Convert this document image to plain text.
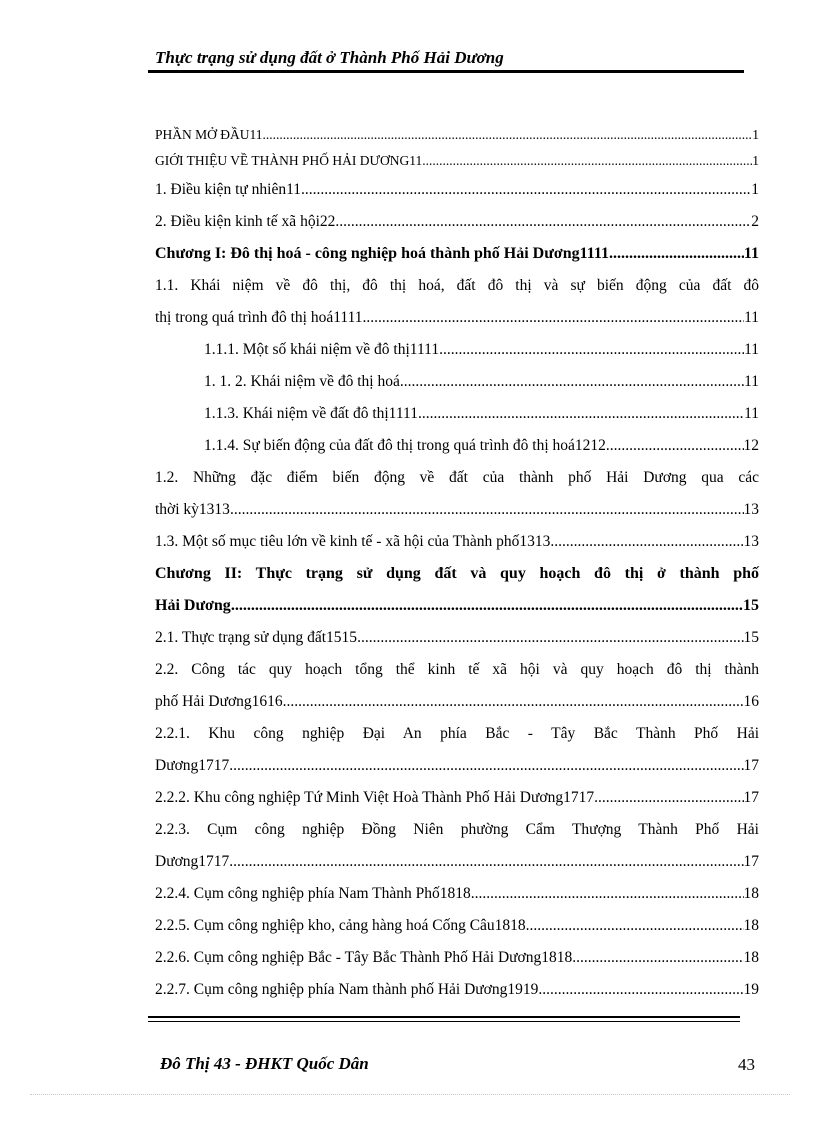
Thực trạng sử dụng đất ở Thành Phố Hải Dương
PHẦN MỞ ĐẦU11 .....	1
GIỚI THIỆU VỀ THÀNH PHỐ HẢI DƯƠNG11 .....	1
1. Điều kiện tự nhiên11 .....	1
2. Điều kiện kinh tế xã hội22 .....	2
Chương I: Đô thị hoá - công nghiệp hoá thành phố Hải Dương1111 .....	11
1.1. Khái niệm về đô thị, đô thị hoá, đất đô thị và sự biến động của đất đô
thị trong quá trình đô thị hoá1111 .....	11
1.1.1. Một số khái niệm về đô thị1111 .....	11
1. 1. 2. Khái niệm về đô thị hoá .....	11
1.1.3. Khái niệm về đất đô thị1111 .....	11
1.1.4. Sự biến động của đất đô thị trong quá trình đô thị hoá1212 .....	12
1.2. Những đặc điểm biến động về đất của thành phố Hải Dương qua các
thời kỳ1313 .....	13
1.3. Một số mục tiêu lớn về kinh tế - xã hội của Thành phố1313 .....	13
Chương II: Thực trạng sử dụng đất và quy hoạch đô thị ở thành phố
Hải Dương .....	15
2.1. Thực trạng sử dụng đất1515 .....	15
2.2. Công tác quy hoạch tổng thể kinh tế xã hội và quy hoạch đô thị thành
phố Hải Dương1616 .....	16
2.2.1. Khu công nghiệp Đại An phía Bắc - Tây Bắc Thành Phố Hải
Dương1717 .....	17
2.2.2. Khu công nghiệp Tứ Minh Việt Hoà Thành Phố Hải Dương1717 .....	17
2.2.3. Cụm công nghiệp Đồng Niên phường Cẩm Thượng Thành Phố Hải
Dương1717 .....	17
2.2.4. Cụm công nghiệp phía Nam Thành Phố1818 .....	18
2.2.5. Cụm công nghiệp kho, cảng hàng hoá Cống Câu1818 .....	18
2.2.6. Cụm công nghiệp Bắc - Tây Bắc Thành Phố Hải Dương1818 .....	18
2.2.7. Cụm công nghiệp phía Nam thành phố Hải Dương1919 .....	19
Đô Thị 43 - ĐHKT Quốc Dân	43
